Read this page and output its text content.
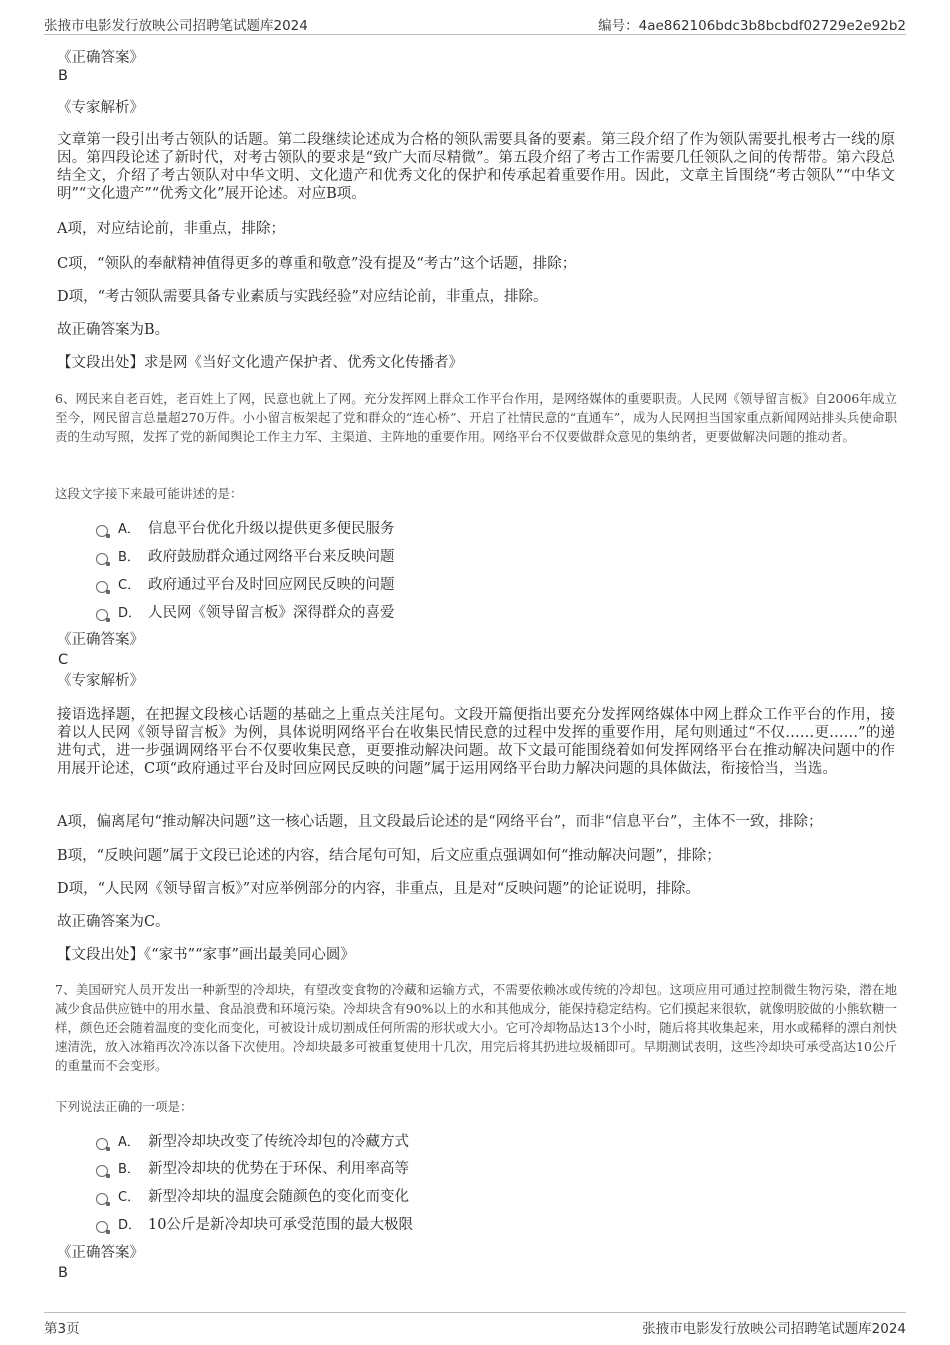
张掖市电影发行放映公司招聘笔试题库2024	编号：4ae862106bdc3b8bcbdf02729e2e92b2
《正确答案》
B
《专家解析》
文章第一段引出考古领队的话题。第二段继续论述成为合格的领队需要具备的要素。第三段介绍了作为领队需要扎根考古一线的原因。第四段论述了新时代，对考古领队的要求是“致广大而尽精微”。第五段介绍了考古工作需要几任领队之间的传帮带。第六段总结全文，介绍了考古领队对中华文明、文化遗产和优秀文化的保护和传承起着重要作用。因此，文章主旨围绕“考古领队”“中华文明”“文化遗产”“优秀文化”展开论述。对应B项。
A项，对应结论前，非重点，排除；
C项，“领队的奉献精神值得更多的尊重和敬意”没有提及“考古”这个话题，排除；
D项，“考古领队需要具备专业素质与实践经验”对应结论前，非重点，排除。
故正确答案为B。
【文段出处】求是网《当好文化遗产保护者、优秀文化传播者》
6、网民来自老百姓，老百姓上了网，民意也就上了网。充分发挥网上群众工作平台作用，是网络媒体的重要职责。人民网《领导留言板》自2006年成立至今，网民留言总量超270万件。小小留言板架起了党和群众的“连心桥”、开启了社情民意的“直通车”，成为人民网担当国家重点新闻网站排头兵使命职责的生动写照，发挥了党的新闻舆论工作主力军、主渠道、主阵地的重要作用。网络平台不仅要做群众意见的集纳者，更要做解决问题的推动者。
这段文字接下来最可能讲述的是：
A． 信息平台优化升级以提供更多便民服务
B． 政府鼓励群众通过网络平台来反映问题
C． 政府通过平台及时回应网民反映的问题
D． 人民网《领导留言板》深得群众的喜爱
《正确答案》
C
《专家解析》
接语选择题，在把握文段核心话题的基础之上重点关注尾句。文段开篇便指出要充分发挥网络媒体中网上群众工作平台的作用，接着以人民网《领导留言板》为例，具体说明网络平台在收集民情民意的过程中发挥的重要作用，尾句则通过“不仅……更……”的递进句式，进一步强调网络平台不仅要收集民意，更要推动解决问题。故下文最可能围绕着如何发挥网络平台在推动解决问题中的作用展开论述，C项“政府通过平台及时回应网民反映的问题”属于运用网络平台助力解决问题的具体做法，衔接恰当，当选。
A项，偏离尾句“推动解决问题”这一核心话题，且文段最后论述的是“网络平台”，而非“信息平台”，主体不一致，排除；
B项，“反映问题”属于文段已论述的内容，结合尾句可知，后文应重点强调如何“推动解决问题”，排除；
D项，“人民网《领导留言板》”对应举例部分的内容，非重点，且是对“反映问题”的论证说明，排除。
故正确答案为C。
【文段出处】《“家书”“家事”画出最美同心圆》
7、美国研究人员开发出一种新型的冷却块，有望改变食物的冷藏和运输方式，不需要依赖冰或传统的冷却包。这项应用可通过控制微生物污染，潜在地减少食品供应链中的用水量、食品浪费和环境污染。冷却块含有90%以上的水和其他成分，能保持稳定结构。它们摸起来很软，就像明胶做的小熊软糖一样，颜色还会随着温度的变化而变化，可被设计成切割成任何所需的形状或大小。它可冷却物品达13个小时，随后将其收集起来，用水或稀释的漂白剂快速清洗，放入冰箱再次冷冻以备下次使用。冷却块最多可被重复使用十几次，用完后将其扔进垃圾桶即可。早期测试表明，这些冷却块可承受高达10公斤的重量而不会变形。
下列说法正确的一项是：
A． 新型冷却块改变了传统冷却包的冷藏方式
B． 新型冷却块的优势在于环保、利用率高等
C． 新型冷却块的温度会随颜色的变化而变化
D． 10公斤是新冷却块可承受范围的最大极限
《正确答案》
B
第3页	张掖市电影发行放映公司招聘笔试题库2024
